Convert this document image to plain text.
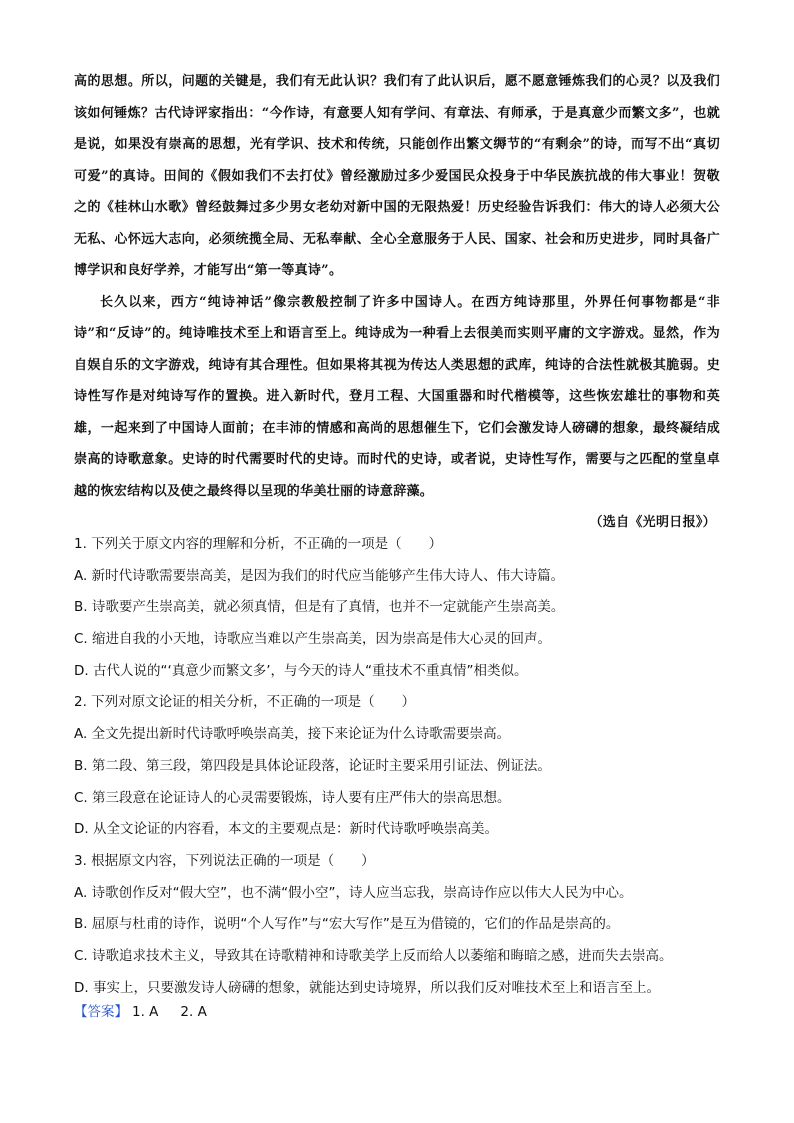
高的思想。所以，问题的关键是，我们有无此认识？我们有了此认识后，愿不愿意锤炼我们的心灵？以及我们该如何锤炼？古代诗评家指出：“今作诗，有意要人知有学问、有章法、有师承，于是真意少而繁文多”，也就是说，如果没有崇高的思想，光有学识、技术和传统，只能创作出繁文缛节的“有剩余”的诗，而写不出“真切可爱”的真诗。田间的《假如我们不去打仗》曾经激励过多少爱国民众投身于中华民族抗战的伟大事业！贺敬之的《桂林山水歌》曾经鼓舞过多少男女老幼对新中国的无限热爱！历史经验告诉我们：伟大的诗人必须大公无私、心怀远大志向，必须统揽全局、无私奉献、全心全意服务于人民、国家、社会和历史进步，同时具备广博学识和良好学养，才能写出“第一等真诗”。

长久以来，西方“纯诗神话”像宗教般控制了许多中国诗人。在西方纯诗那里，外界任何事物都是“非诗”和“反诗”的。纯诗唯技术至上和语言至上。纯诗成为一种看上去很美而实则平庸的文字游戏。显然，作为自娱自乐的文字游戏，纯诗有其合理性。但如果将其视为传达人类思想的武库，纯诗的合法性就极其脆弱。史诗性写作是对纯诗写作的置换。进入新时代，登月工程、大国重器和时代楷模等，这些恢宏雄壮的事物和英雄，一起来到了中国诗人面前；在丰沛的情感和高尚的思想催生下，它们会激发诗人磅礴的想象，最终凝结成崇高的诗歌意象。史诗的时代需要时代的史诗。而时代的史诗，或者说，史诗性写作，需要与之匹配的堂皇卓越的恢宏结构以及使之最终得以呈现的华美壮丽的诗意辞藻。

（选自《光明日报》）

1. 下列关于原文内容的理解和分析，不正确的一项是（　　）
A. 新时代诗歌需要崇高美，是因为我们的时代应当能够产生伟大诗人、伟大诗篇。
B. 诗歌要产生崇高美，就必须真情，但是有了真情，也并不一定就能产生崇高美。
C. 缩进自我的小天地，诗歌应当难以产生崇高美，因为崇高是伟大心灵的回声。
D. 古代人说的“‘真意少而繁文多’，与今天的诗人“重技术不重真情”相类似。
2. 下列对原文论证的相关分析，不正确的一项是（　　）
A. 全文先提出新时代诗歌呼唤崇高美，接下来论证为什么诗歌需要崇高。
B. 第二段、第三段，第四段是具体论证段落，论证时主要采用引证法、例证法。
C. 第三段意在论证诗人的心灵需要锻炼，诗人要有庄严伟大的崇高思想。
D. 从全文论证的内容看，本文的主要观点是：新时代诗歌呼唤崇高美。
3. 根据原文内容，下列说法正确的一项是（　　）
A. 诗歌创作反对“假大空”，也不满“假小空”，诗人应当忘我，崇高诗作应以伟大人民为中心。
B. 屈原与杜甫的诗作，说明“个人写作”与“宏大写作”是互为借镜的，它们的作品是崇高的。
C. 诗歌追求技术主义，导致其在诗歌精神和诗歌美学上反而给人以萎缩和晦暗之感，进而失去崇高。
D. 事实上，只要激发诗人磅礴的想象，就能达到史诗境界，所以我们反对唯技术至上和语言至上。
【答案】 1. A 2. A
